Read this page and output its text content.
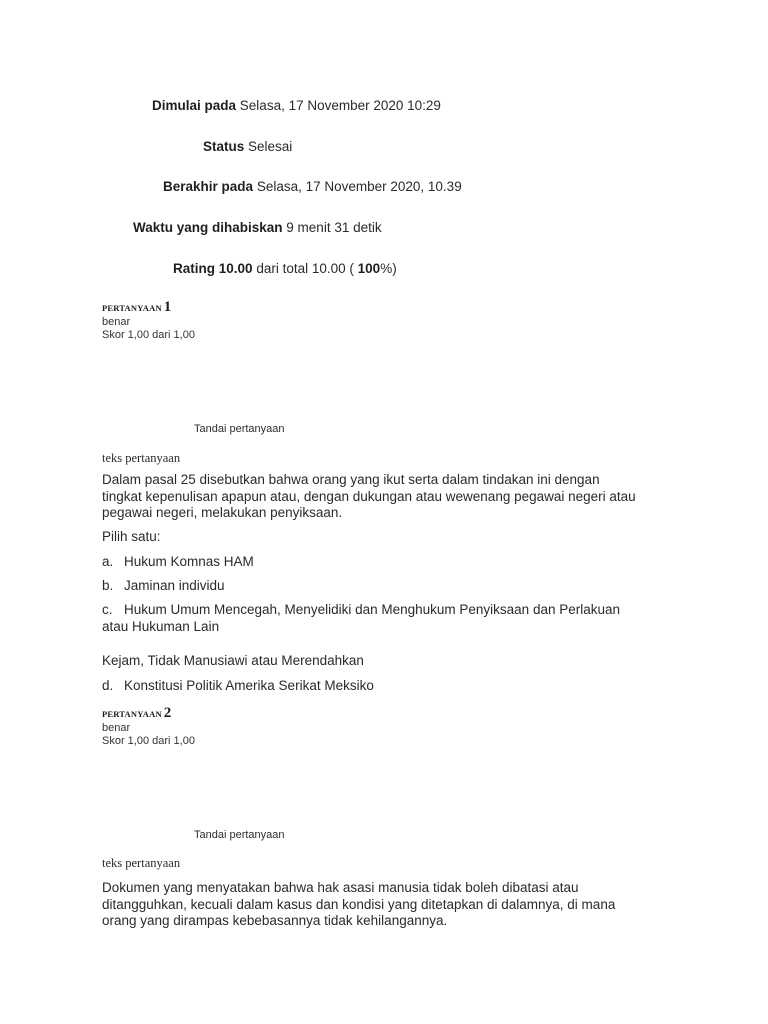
Dimulai pada Selasa, 17 November 2020 10:29
Status Selesai
Berakhir pada Selasa, 17 November 2020, 10.39
Waktu yang dihabiskan 9 menit 31 detik
Rating 10.00 dari total 10.00 ( 100%)
PERTANYAAN 1
benar
Skor 1,00 dari 1,00
Tandai pertanyaan
teks pertanyaan
Dalam pasal 25 disebutkan bahwa orang yang ikut serta dalam tindakan ini dengan tingkat kepenulisan apapun atau, dengan dukungan atau wewenang pegawai negeri atau pegawai negeri, melakukan penyiksaan.
Pilih satu:
a. Hukum Komnas HAM
b. Jaminan individu
c. Hukum Umum Mencegah, Menyelidiki dan Menghukum Penyiksaan dan Perlakuan atau Hukuman Lain
Kejam, Tidak Manusiawi atau Merendahkan
d. Konstitusi Politik Amerika Serikat Meksiko
PERTANYAAN 2
benar
Skor 1,00 dari 1,00
Tandai pertanyaan
teks pertanyaan
Dokumen yang menyatakan bahwa hak asasi manusia tidak boleh dibatasi atau ditangguhkan, kecuali dalam kasus dan kondisi yang ditetapkan di dalamnya, di mana orang yang dirampas kebebasannya tidak kehilangannya.
